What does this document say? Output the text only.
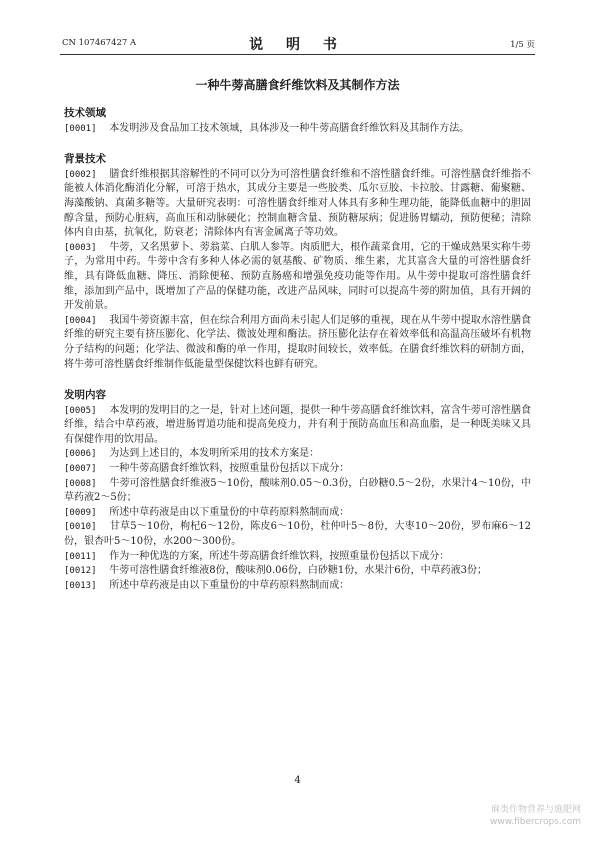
CN 107467427 A	说 明 书	1/5 页
一种牛蒡高膳食纤维饮料及其制作方法
技术领域

[0001] 本发明涉及食品加工技术领域，具体涉及一种牛蒡高膳食纤维饮料及其制作方法。

背景技术

[0002] 膳食纤维根据其溶解性的不同可以分为可溶性膳食纤维和不溶性膳食纤维。可溶性膳食纤维指不能被人体消化酶消化分解，可溶于热水，其成分主要是一些胶类、瓜尔豆胶、卡拉胶、甘露糖、葡聚糖、海藻酸钠、真菌多糖等。大量研究表明：可溶性膳食纤维对人体具有多种生理功能，能降低血糖中的胆固醇含量，预防心脏病，高血压和动脉硬化；控制血糖含量、预防糖尿病；促进肠胃蠕动，预防便秘；清除体内自由基，抗氧化，防衰老；清除体内有害金属离子等功效。

[0003] 牛蒡，又名黑萝卜、蒡翁菜、白肌人参等。肉质肥大，根作蔬菜食用，它的干燥成熟果实称牛蒡子，为常用中药。牛蒡中含有多种人体必需的氨基酸、矿物质、维生素，尤其富含大量的可溶性膳食纤维，具有降低血糖、降压、消除便秘、预防直肠癌和增强免疫功能等作用。从牛蒡中提取可溶性膳食纤维，添加到产品中，既增加了产品的保健功能，改进产品风味，同时可以提高牛蒡的附加值，具有开阔的开发前景。

[0004] 我国牛蒡资源丰富，但在综合利用方面尚未引起人们足够的重视，现在从牛蒡中提取水溶性膳食纤维的研究主要有挤压膨化、化学法、微波处理和酶法。挤压膨化法存在着效率低和高温高压破坏有机物分子结构的问题；化学法、微波和酶的单一作用，提取时间较长，效率低。在膳食纤维饮料的研制方面，将牛蒡可溶性膳食纤维制作低能量型保健饮料也鲜有研究。

发明内容

[0005] 本发明的发明目的之一是，针对上述问题，提供一种牛蒡高膳食纤维饮料，富含牛蒡可溶性膳食纤维，结合中草药液，增进肠胃道功能和提高免疫力，并有利于预防高血压和高血脂，是一种既美味又具有保健作用的饮用品。

[0006] 为达到上述目的，本发明所采用的技术方案是：

[0007] 一种牛蒡高膳食纤维饮料，按照重量份包括以下成分：

[0008] 牛蒡可溶性膳食纤维液5～10份，酸味剂0.05～0.3份，白砂糖0.5～2份，水果汁4～10份，中草药液2～5份；

[0009] 所述中草药液是由以下重量份的中草药原料熬制而成：

[0010] 甘草5～10份，枸杞6～12份，陈皮6～10份，杜仲叶5～8份，大枣10～20份，罗布麻6～12份，银杏叶5～10份，水200～300份。

[0011] 作为一种优选的方案，所述牛蒡高膳食纤维饮料，按照重量份包括以下成分：

[0012] 牛蒡可溶性膳食纤维液8份，酸味剂0.06份，白砂糖1份，水果汁6份，中草药液3份；

[0013] 所述中草药液是由以下重量份的中草药原料熬制而成：

4
麻类作物营养与施肥网
www.fibercrops.com
